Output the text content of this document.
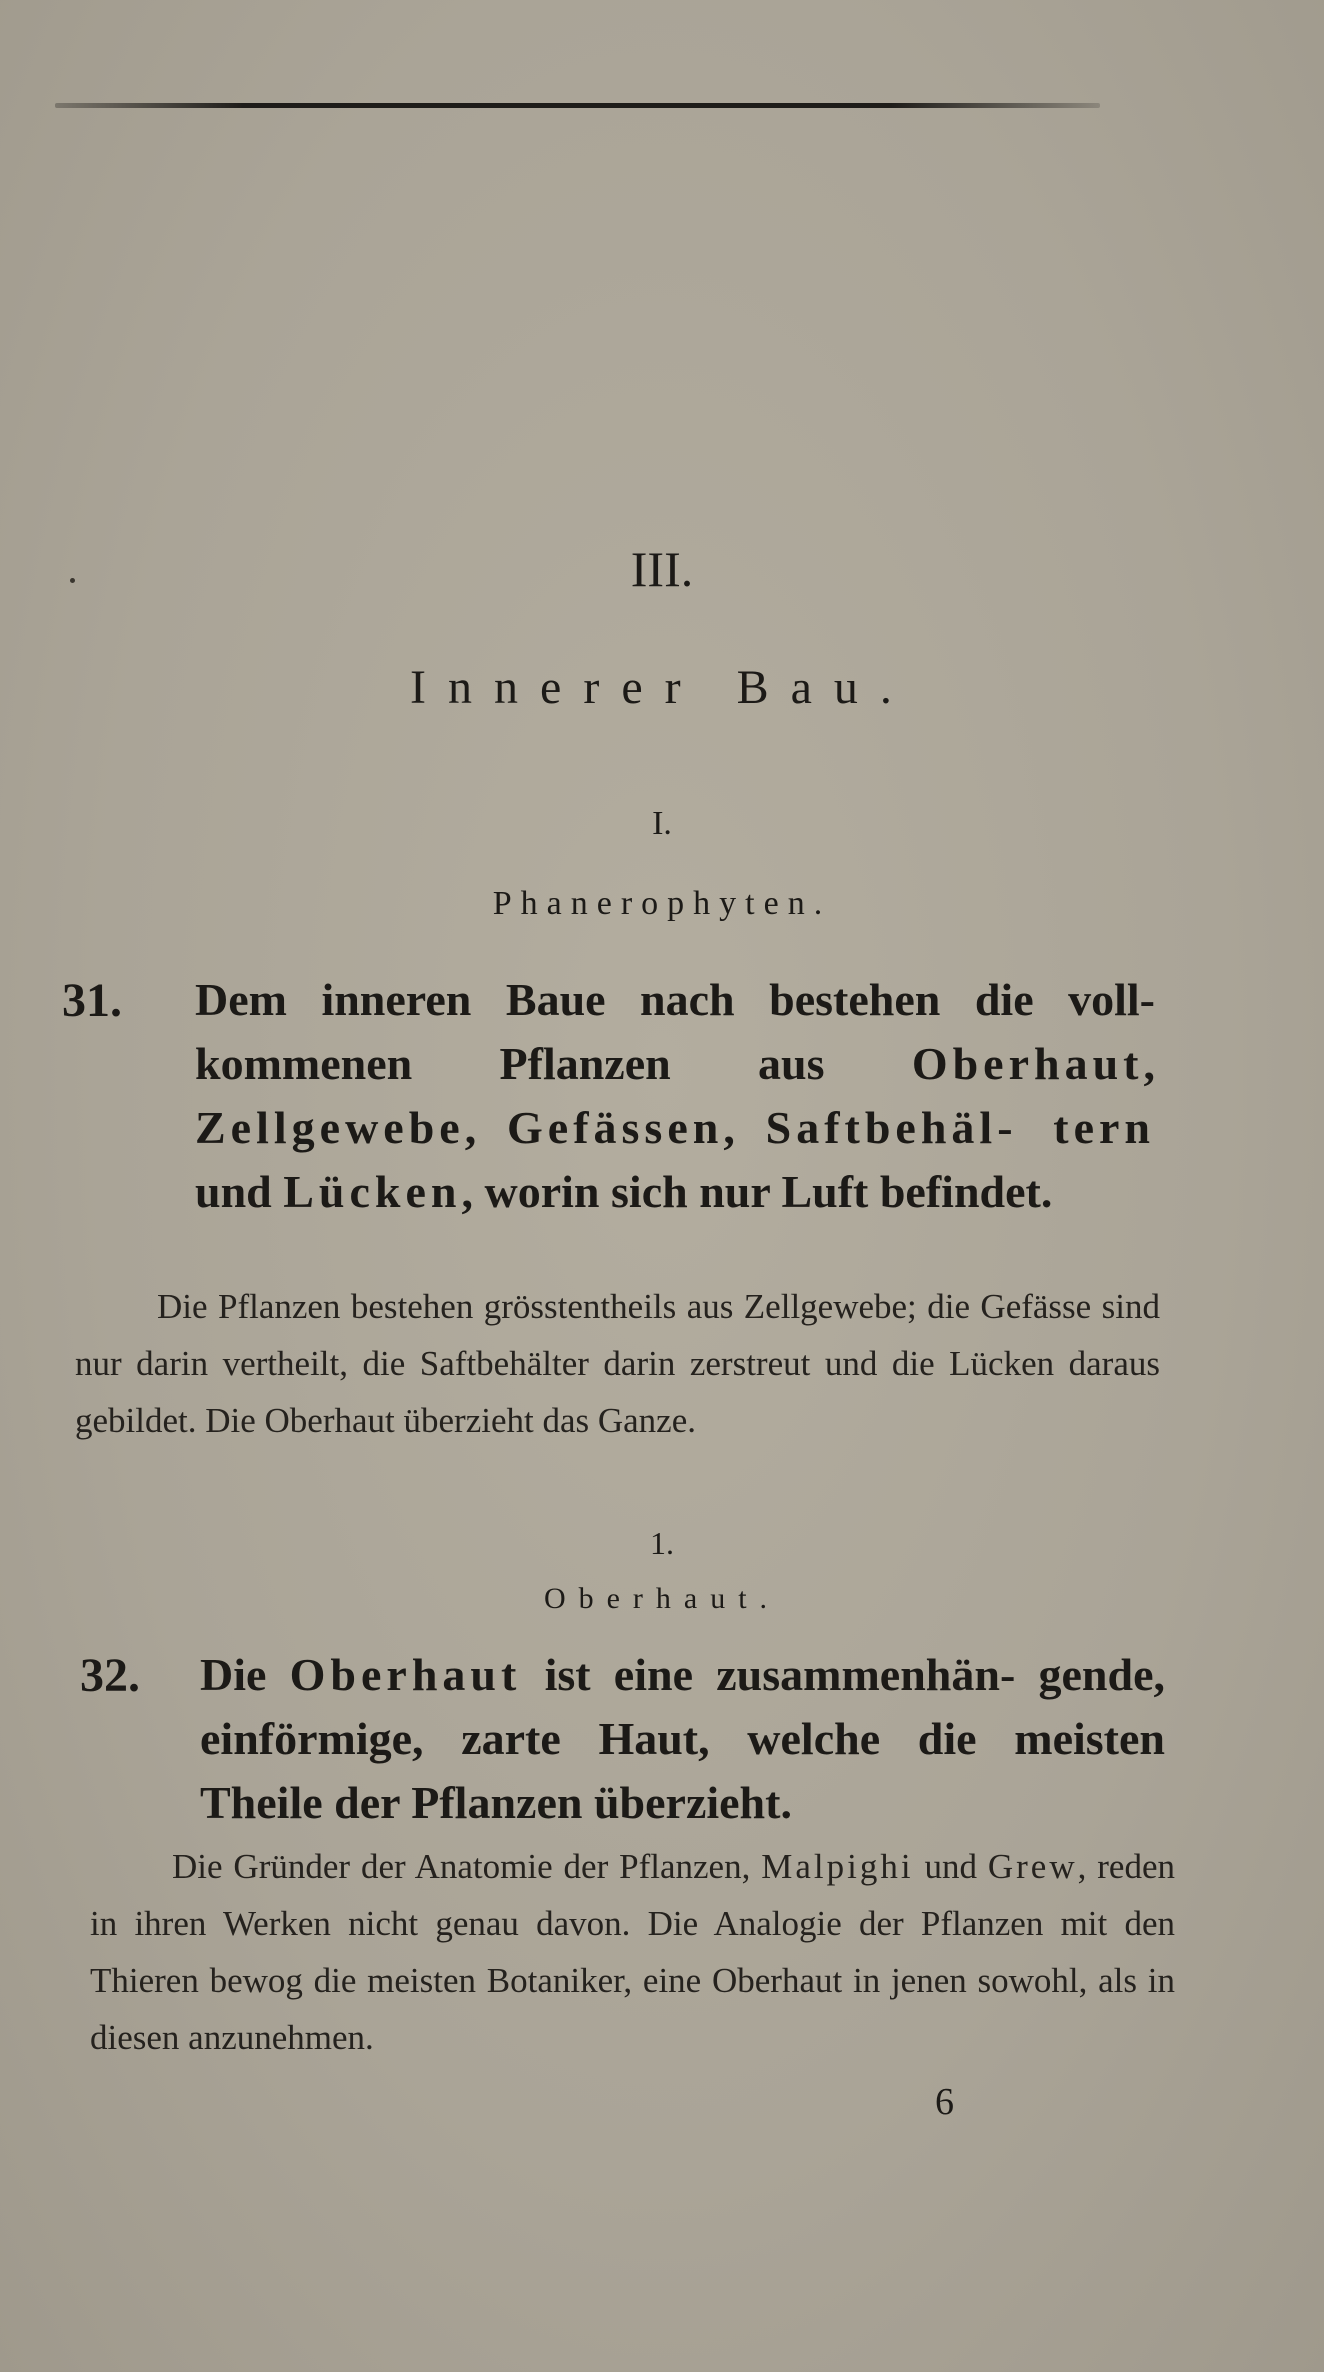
III.
Innerer Bau.
I.
Phanerophyten.
31. Dem inneren Baue nach bestehen die voll- kommenen Pflanzen aus Oberhaut, Zellgewebe, Gefässen, Saftbehäl- tern und Lücken, worin sich nur Luft befindet.
Die Pflanzen bestehen grösstentheils aus Zellgewebe; die Gefässe sind nur darin vertheilt, die Saftbehälter darin zerstreut und die Lücken daraus gebildet. Die Oberhaut überzieht das Ganze.
1.
Oberhaut.
32. Die Oberhaut ist eine zusammenhän- gende, einförmige, zarte Haut, welche die meisten Theile der Pflanzen überzieht.
Die Gründer der Anatomie der Pflanzen, Malpighi und Grew, reden in ihren Werken nicht genau davon. Die Analogie der Pflanzen mit den Thieren bewog die meisten Botaniker, eine Oberhaut in jenen sowohl, als in diesen anzunehmen.
6
